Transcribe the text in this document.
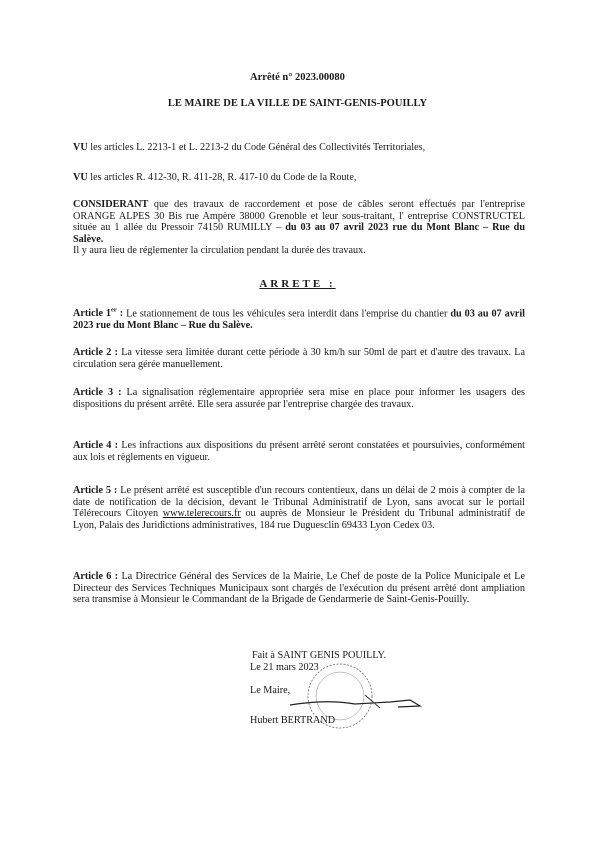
Arrêté n° 2023.00080
LE MAIRE DE LA VILLE DE SAINT-GENIS-POUILLY
VU les articles L. 2213-1 et L. 2213-2 du Code Général des Collectivités Territoriales,
VU les articles R. 412-30, R. 411-28, R. 417-10 du Code de la Route,
CONSIDERANT que des travaux de raccordement et pose de câbles seront effectués par l'entreprise ORANGE ALPES 30 Bis rue Ampère 38000 Grenoble et leur sous-traitant, l' entreprise CONSTRUCTEL située au 1 allée du Pressoir 74150 RUMILLY – du 03 au 07 avril 2023 rue du Mont Blanc – Rue du Salève.
Il y aura lieu de réglementer la circulation pendant la durée des travaux.
ARRETE :
Article 1er : Le stationnement de tous les véhicules sera interdit dans l'emprise du chantier du 03 au 07 avril 2023 rue du Mont Blanc – Rue du Salève.
Article 2 : La vitesse sera limitée durant cette période à 30 km/h sur 50ml de part et d'autre des travaux. La circulation sera gérée manuellement.
Article 3 : La signalisation réglementaire appropriée sera mise en place pour informer les usagers des dispositions du présent arrêté. Elle sera assurée par l'entreprise chargée des travaux.
Article 4 : Les infractions aux dispositions du présent arrêté seront constatées et poursuivies, conformément aux lois et règlements en vigueur.
Article 5 : Le présent arrêté est susceptible d'un recours contentieux, dans un délai de 2 mois à compter de la date de notification de la décision, devant le Tribunal Administratif de Lyon, sans avocat sur le portail Télérecours Citoyen www.telerecours.fr ou auprès de Monsieur le Président du Tribunal administratif de Lyon, Palais des Juridictions administratives, 184 rue Duguesclin 69433 Lyon Cedex 03.
Article 6 : La Directrice Général des Services de la Mairie, Le Chef de poste de la Police Municipale et Le Directeur des Services Techniques Municipaux sont chargés de l'exécution du présent arrêté dont ampliation sera transmise à Monsieur le Commandant de la Brigade de Gendarmerie de Saint-Genis-Pouilly.
Fait à SAINT GENIS POUILLY.
Le 21 mars 2023
Le Maire,
Hubert BERTRAND
